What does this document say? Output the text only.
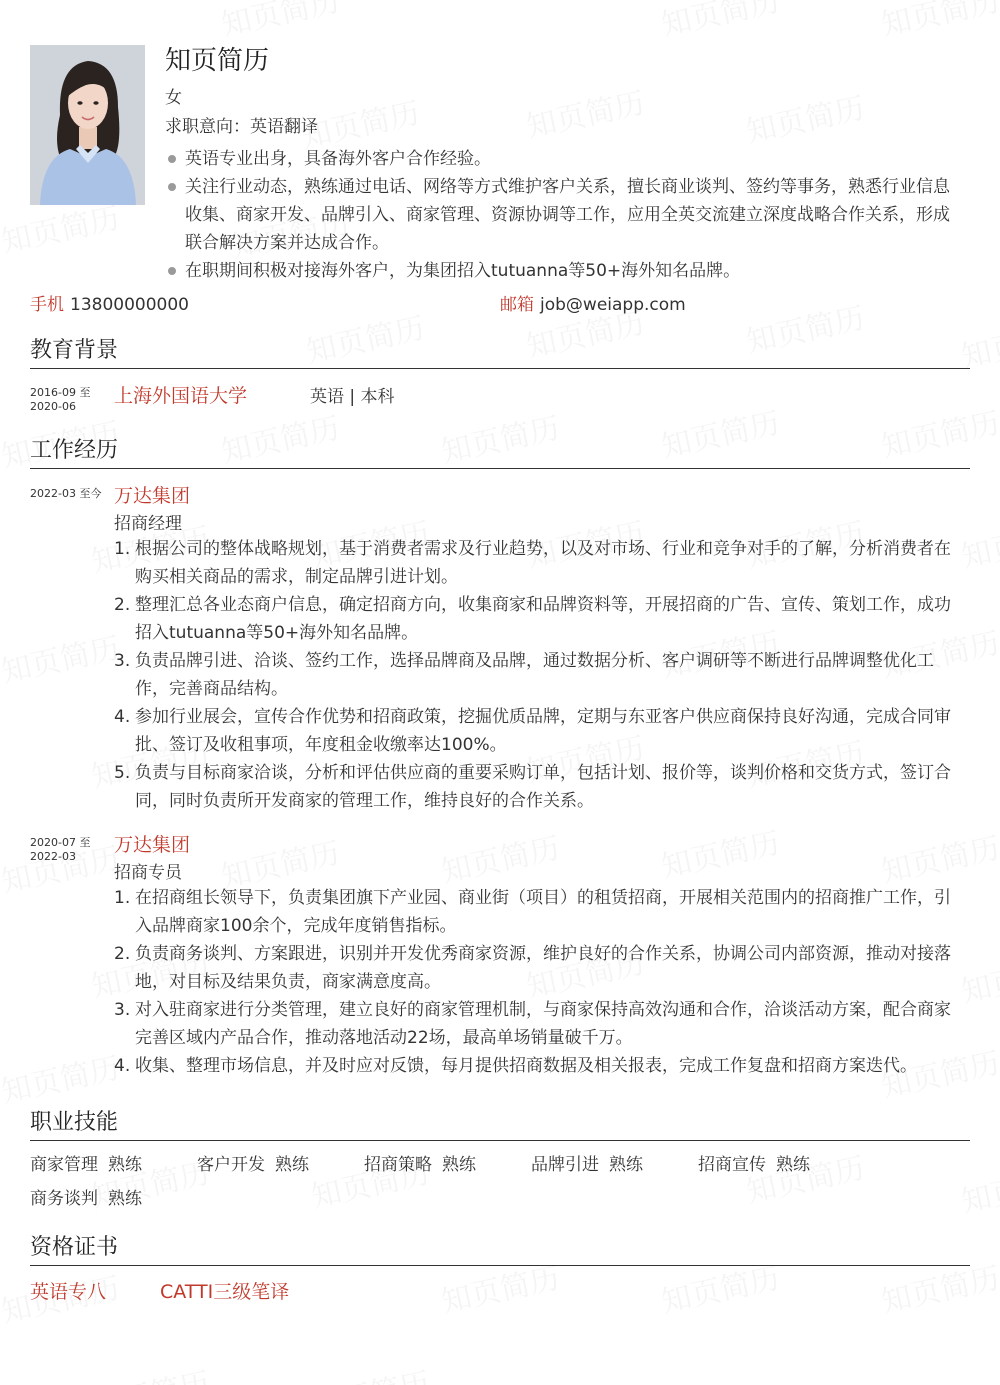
知页简历
女
求职意向：英语翻译
英语专业出身，具备海外客户合作经验。
关注行业动态，熟练通过电话、网络等方式维护客户关系，擅长商业谈判、签约等事务，熟悉行业信息收集、商家开发、品牌引入、商家管理、资源协调等工作，应用全英交流建立深度战略合作关系，形成联合解决方案并达成合作。
在职期间积极对接海外客户，为集团招入tutuanna等50+海外知名品牌。
手机 13800000000	邮箱 job@weiapp.com
教育背景
2016-09 至 2020-06	上海外国语大学	英语 | 本科
工作经历
2022-03 至今 万达集团
招商经理
1. 根据公司的整体战略规划，基于消费者需求及行业趋势，以及对市场、行业和竞争对手的了解，分析消费者在购买相关商品的需求，制定品牌引进计划。
2. 整理汇总各业态商户信息，确定招商方向，收集商家和品牌资料等，开展招商的广告、宣传、策划工作，成功招入tutuanna等50+海外知名品牌。
3. 负责品牌引进、洽谈、签约工作，选择品牌商及品牌，通过数据分析、客户调研等不断进行品牌调整优化工作，完善商品结构。
4. 参加行业展会，宣传合作优势和招商政策，挖掘优质品牌，定期与东亚客户供应商保持良好沟通，完成合同审批、签订及收租事项，年度租金收缴率达100%。
5. 负责与目标商家洽谈，分析和评估供应商的重要采购订单，包括计划、报价等，谈判价格和交货方式，签订合同，同时负责所开发商家的管理工作，维持良好的合作关系。
2020-07 至 2022-03
万达集团
招商专员
1. 在招商组长领导下，负责集团旗下产业园、商业街（项目）的租赁招商，开展相关范围内的招商推广工作，引入品牌商家100余个，完成年度销售指标。
2. 负责商务谈判、方案跟进，识别并开发优秀商家资源，维护良好的合作关系，协调公司内部资源，推动对接落地，对目标及结果负责，商家满意度高。
3. 对入驻商家进行分类管理，建立良好的商家管理机制，与商家保持高效沟通和合作，洽谈活动方案，配合商家完善区域内产品合作，推动落地活动22场，最高单场销量破千万。
4. 收集、整理市场信息，并及时应对反馈，每月提供招商数据及相关报表，完成工作复盘和招商方案迭代。
职业技能
商家管理 熟练	客户开发 熟练	招商策略 熟练	品牌引进 熟练	招商宣传 熟练
商务谈判 熟练
资格证书
英语专八	CATTI三级笔译
